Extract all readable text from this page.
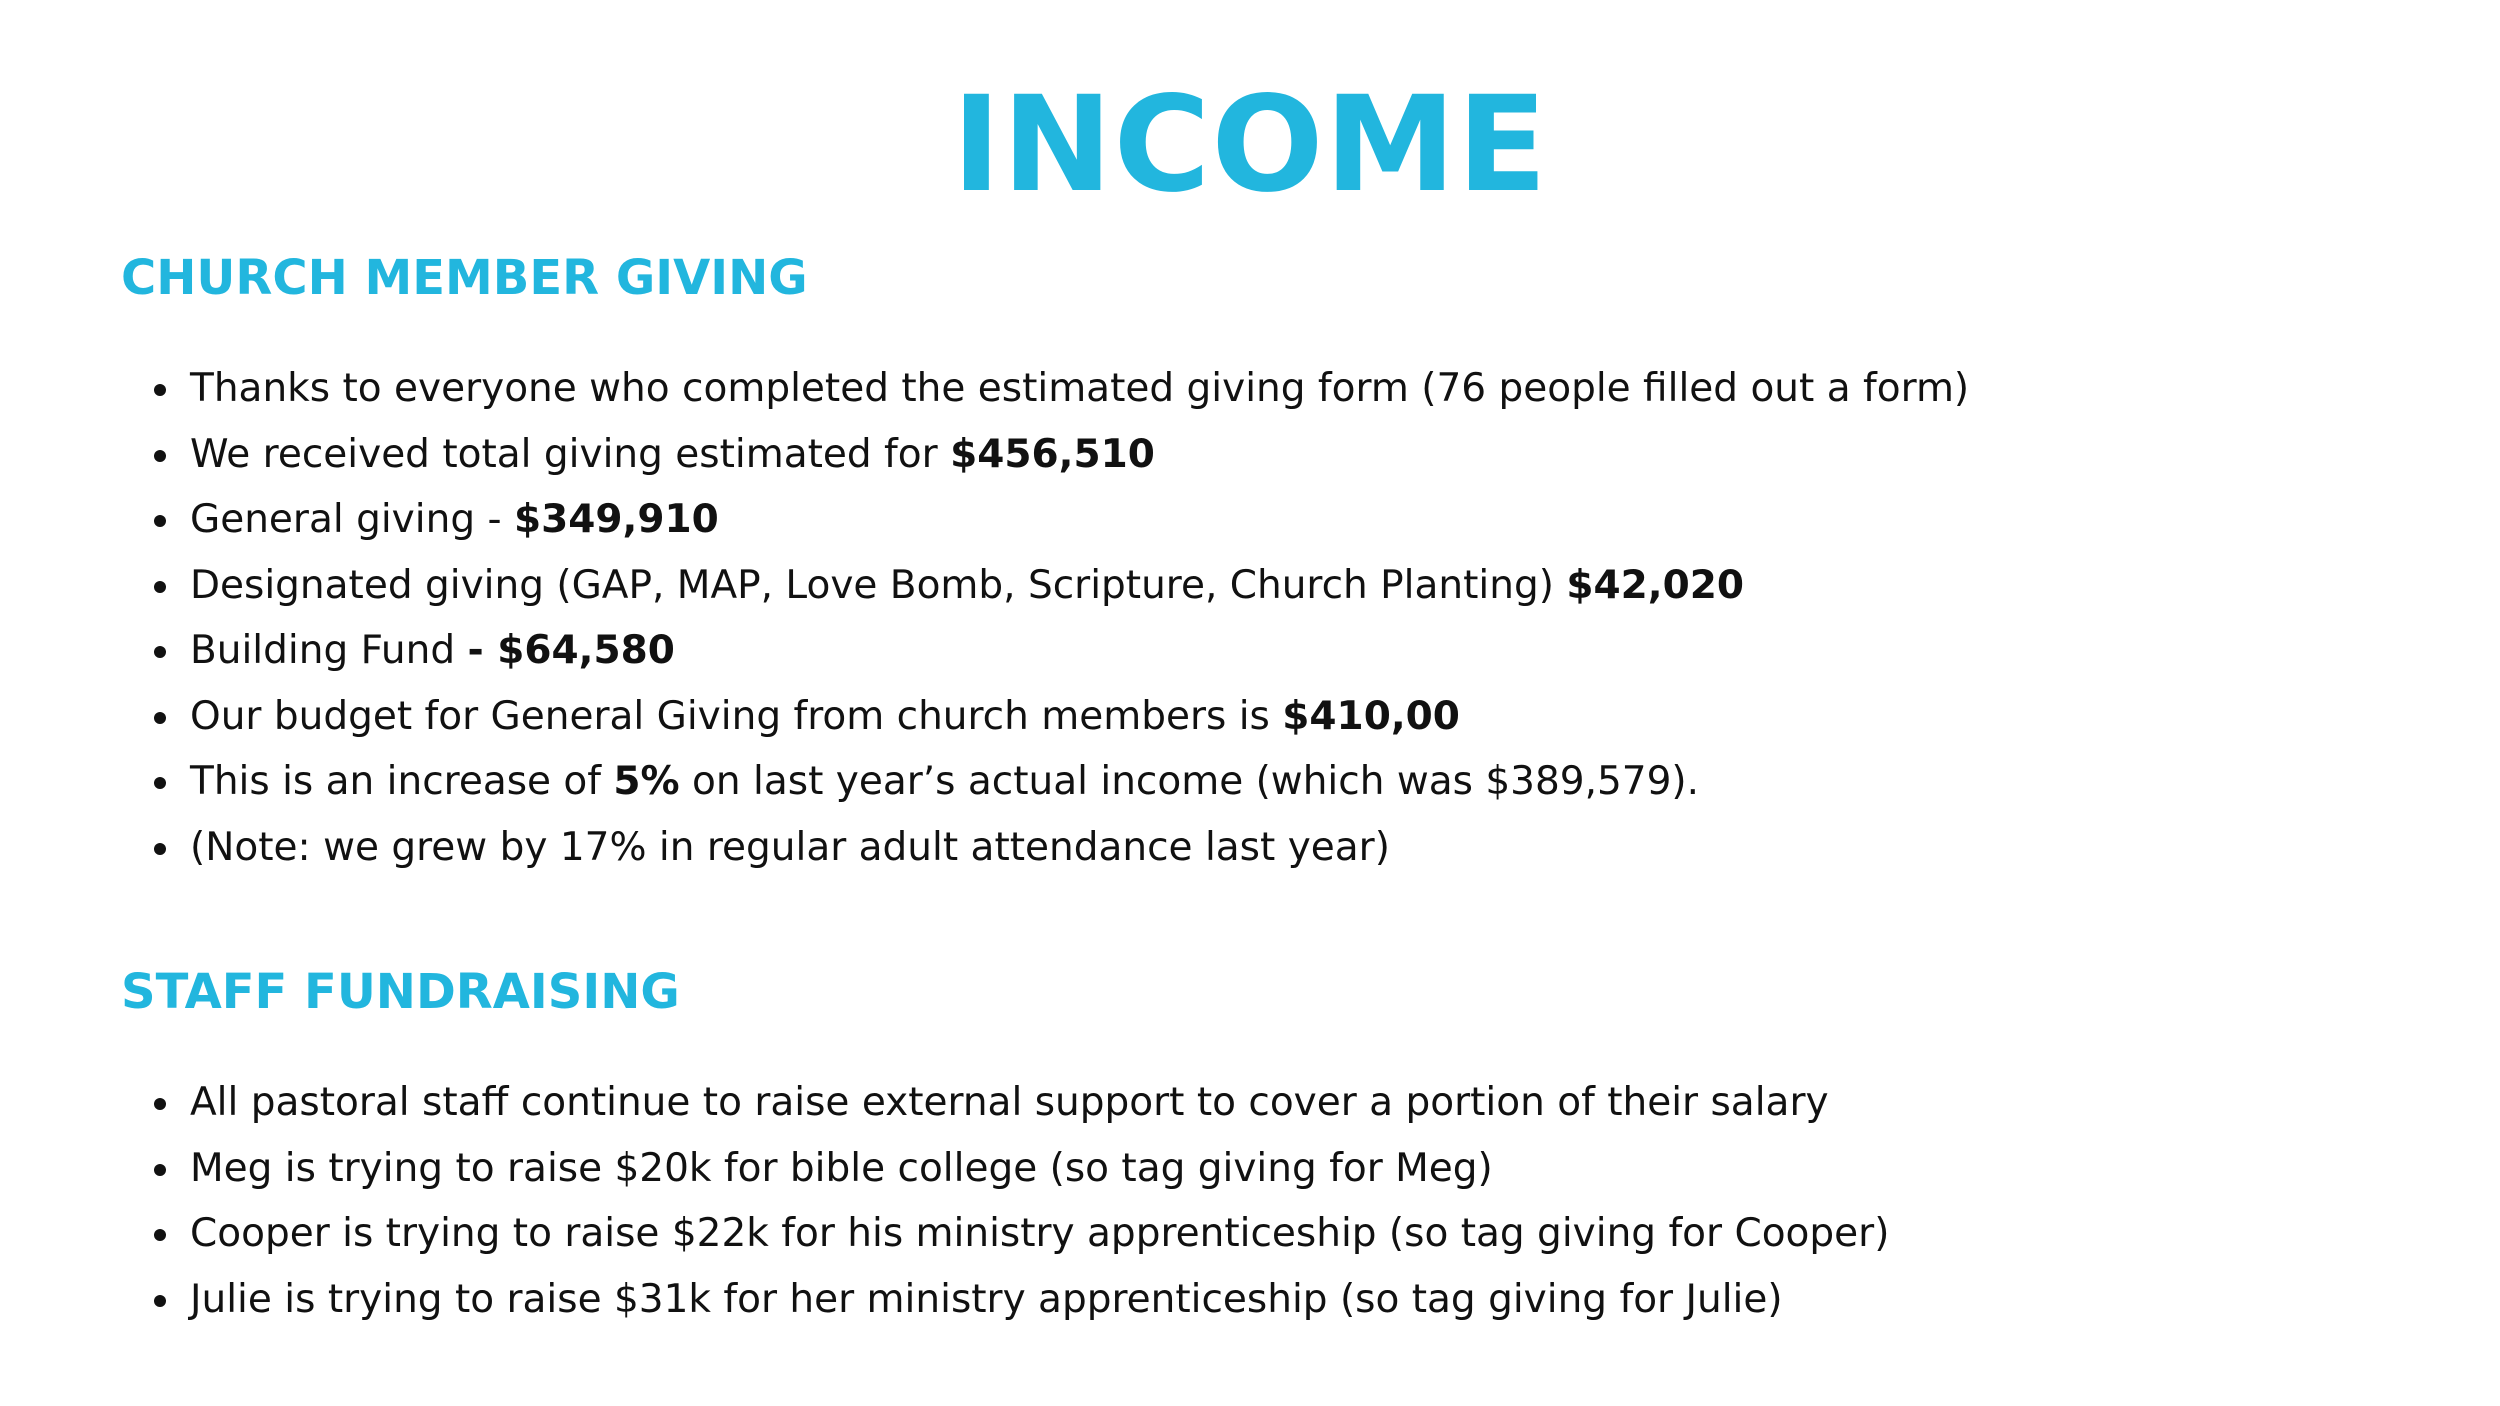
INCOME
CHURCH MEMBER GIVING
Thanks to everyone who completed the estimated giving form (76 people filled out a form)
We received total giving estimated for $456,510
General giving - $349,910
Designated giving (GAP, MAP, Love Bomb, Scripture, Church Planting) $42,020
Building Fund - $64,580
Our budget for General Giving from church members is $410,00
This is an increase of 5% on last year’s actual income (which was $389,579).
(Note: we grew by 17% in regular adult attendance last year)
STAFF FUNDRAISING
All pastoral staff continue to raise external support to cover a portion of their salary
Meg is trying to raise $20k for bible college (so tag giving for Meg)
Cooper is trying to raise $22k for his ministry apprenticeship (so tag giving for Cooper)
Julie is trying to raise $31k for her ministry apprenticeship (so tag giving for Julie)
